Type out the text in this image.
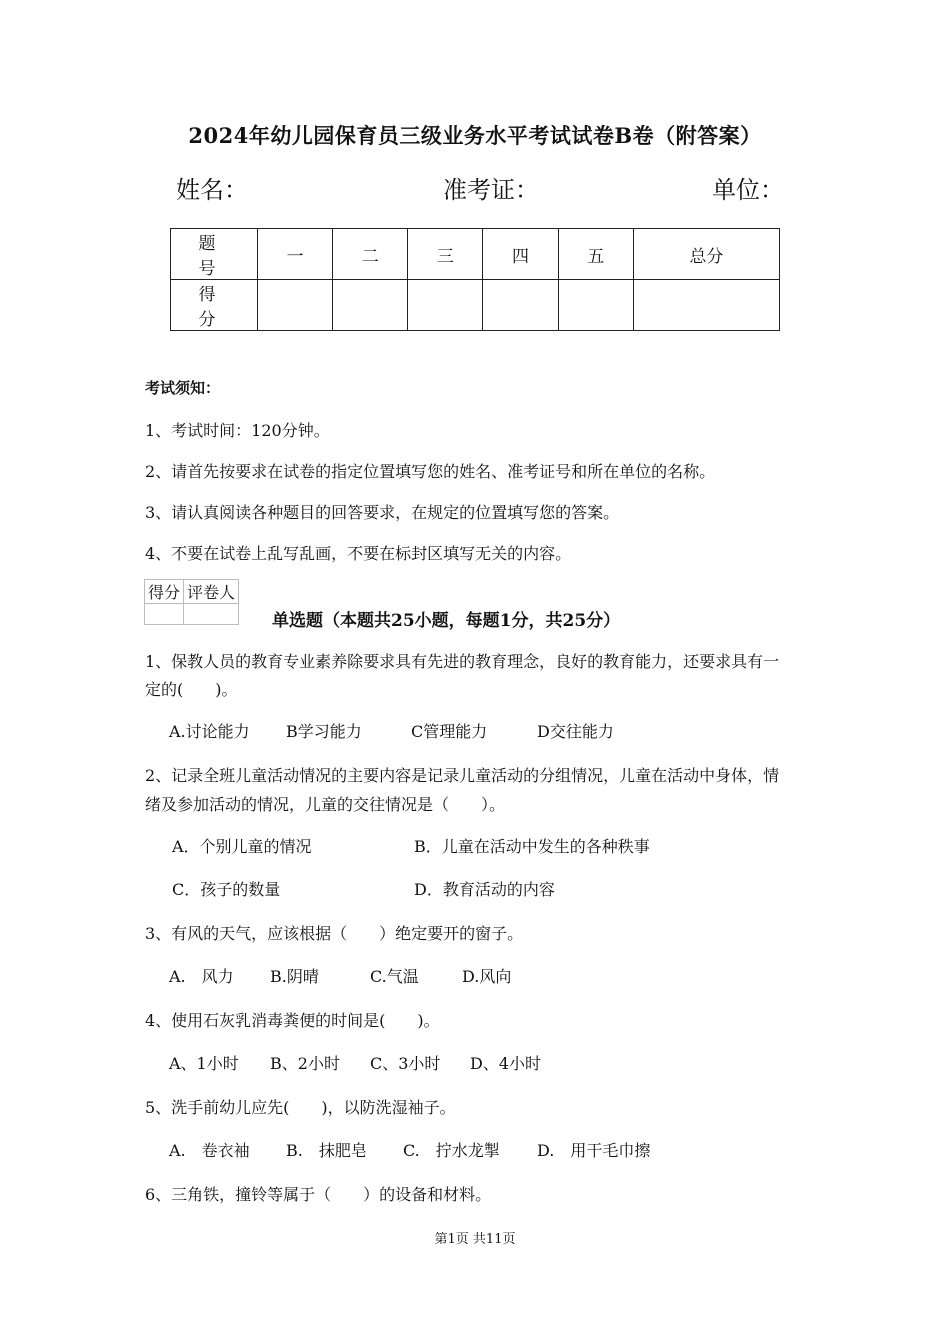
2024年幼儿园保育员三级业务水平考试试卷B卷（附答案）
姓名：	准考证：	单位：
题　号	一	二	三	四	五	总分
得　分						
考试须知：
1、考试时间：120分钟。
2、请首先按要求在试卷的指定位置填写您的姓名、准考证号和所在单位的名称。
3、请认真阅读各种题目的回答要求，在规定的位置填写您的答案。
4、不要在试卷上乱写乱画，不要在标封区填写无关的内容。
得分	评卷人

单选题（本题共25小题，每题1分，共25分）
1、保教人员的教育专业素养除要求具有先进的教育理念，良好的教育能力，还要求具有一
定的(　　)。
A.讨论能力 B学习能力	C管理能力	D交往能力
2、记录全班儿童活动情况的主要内容是记录儿童活动的分组情况，儿童在活动中身体，情
绪及参加活动的情况，儿童的交往情况是（　　）。
A．个别儿童的情况	B．儿童在活动中发生的各种秩事
C．孩子的数量	D．教育活动的内容
3、有风的天气，应该根据（　　）绝定要开的窗子。
A.　风力 B.阴晴	C.气温	D.风向
4、使用石灰乳消毒粪便的时间是(　　)。
A、1小时 B、2小时 C、3小时 D、4小时
5、洗手前幼儿应先(　　)，以防洗湿袖子。
A.　卷衣袖 B.　抹肥皂 C.　拧水龙掣 D.　用干毛巾擦
6、三角铁，撞铃等属于（　　）的设备和材料。
第1页 共11页
